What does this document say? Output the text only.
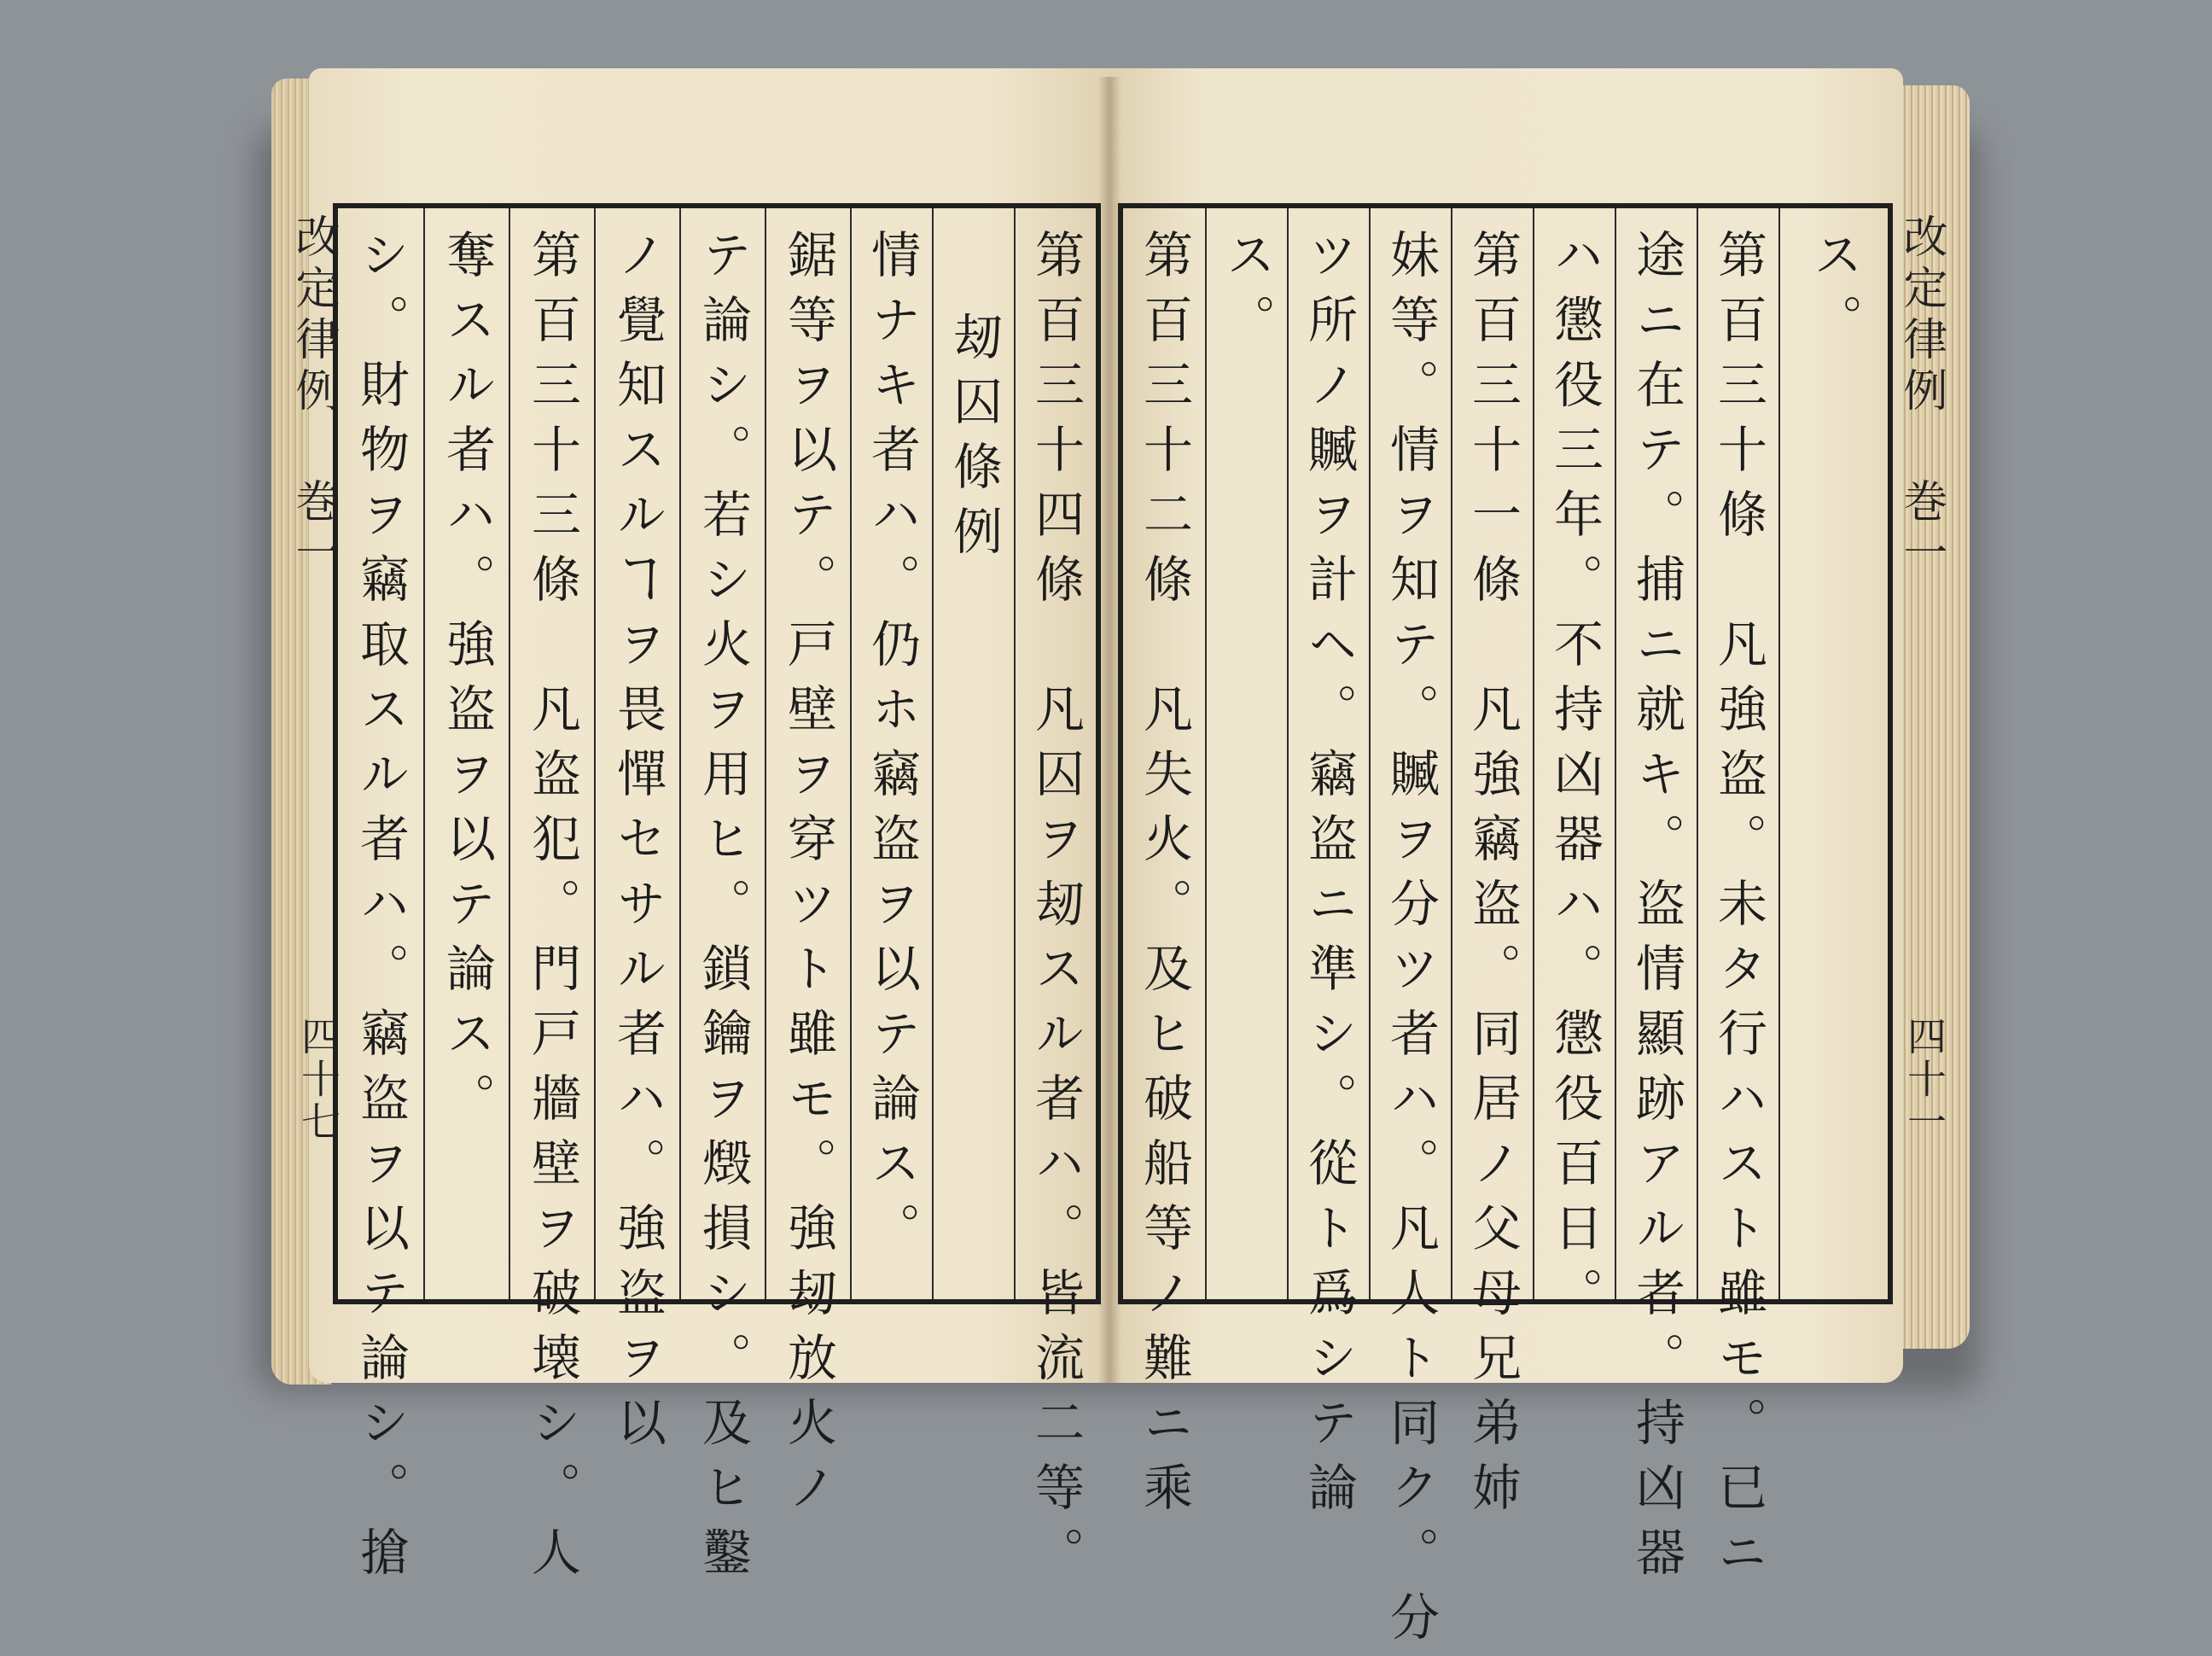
改定律例
巻一
四十七 シ。財物ヲ竊取スル者ハ。竊盗ヲ以テ論シ。搶 奪スル者ハ。強盗ヲ以テ論ス。 第百三十三條　凡盗犯。門戸牆壁ヲ破壊シ。人 ノ覺知スルヿヲ畏憚セサル者ハ。強盗ヲ以 テ論シ。若シ火ヲ用ヒ。鎖鑰ヲ燬損シ。及ヒ鑿 鋸等ヲ以テ。戸壁ヲ穿ツト雖モ。強刼放火ノ 情ナキ者ハ。仍ホ竊盗ヲ以テ論ス。 刼囚條例 第百三十四條　凡囚ヲ刼スル者ハ。皆流二等。 第百三十二條　凡失火。及ヒ破船等ノ難ニ乘 ス。 ツ所ノ贓ヲ計ヘ。竊盗ニ準シ。從ト爲シテ論 妹等。情ヲ知テ。贓ヲ分ツ者ハ。凡人ト同ク。分 第百三十一條　凡強竊盗。同居ノ父母兄弟姉 ハ懲役三年。不持凶器ハ。懲役百日。 途ニ在テ。捕ニ就キ。盗情顯跡アル者。持凶器 第百三十條　凡強盗。未タ行ハスト雖モ。已ニ ス。 改定律例
巻一
四十一
